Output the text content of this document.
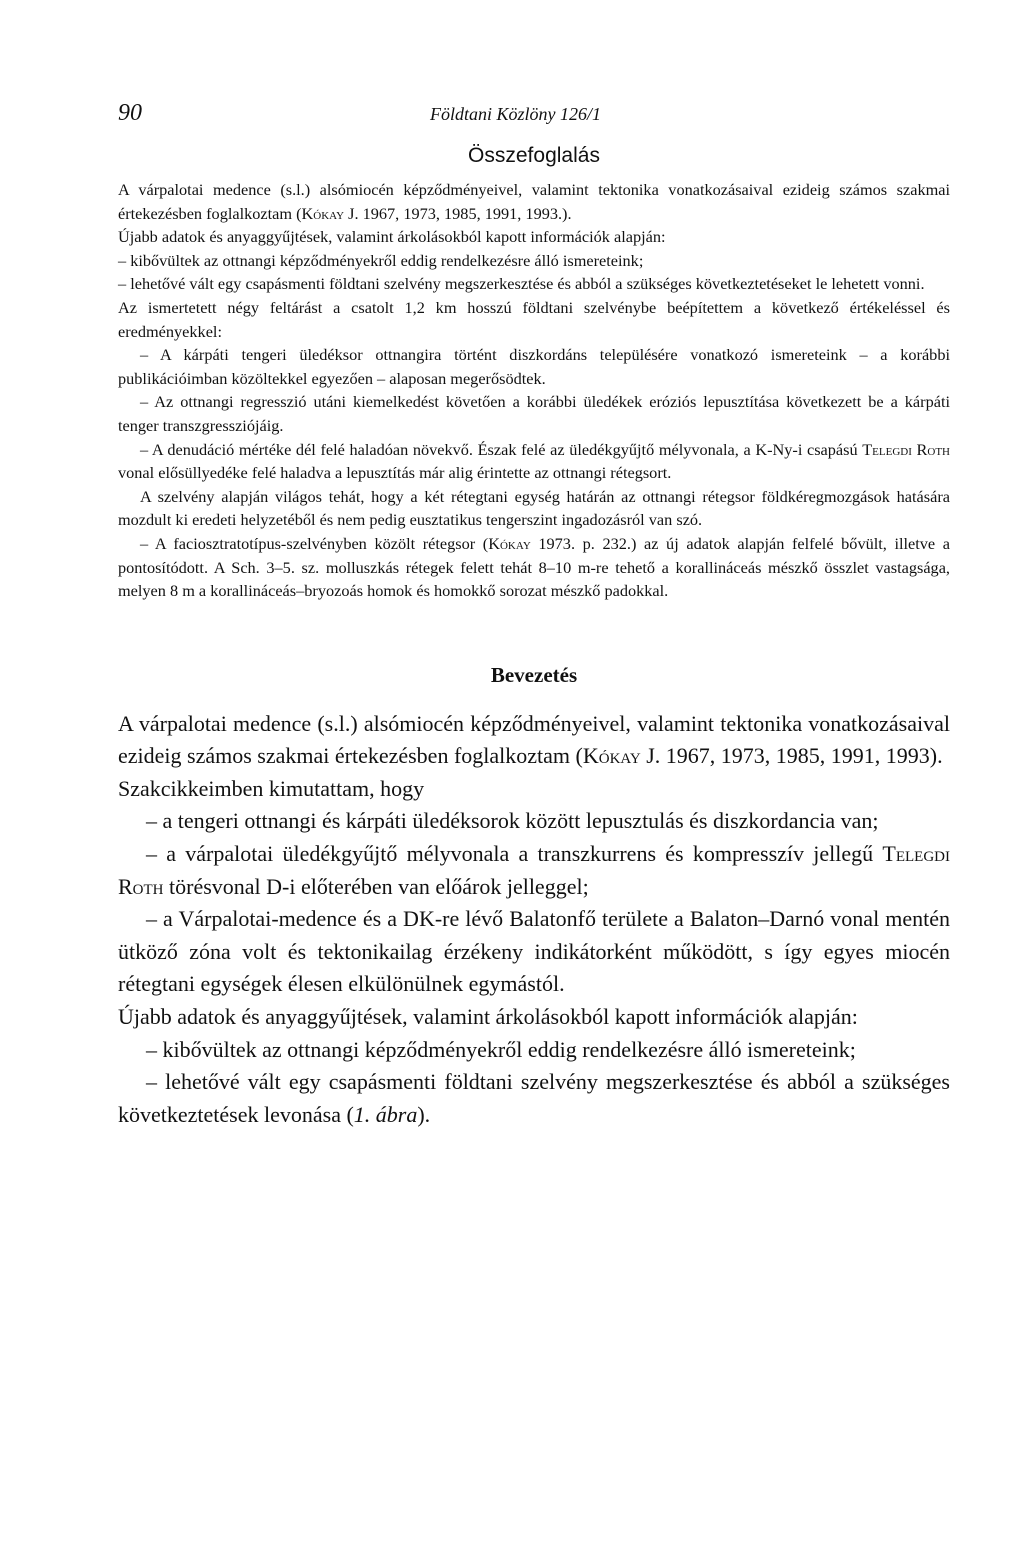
90	Földtani Közlöny 126/1
Összefoglalás

A várpalotai medence (s.l.) alsómiocén képződményeivel, valamint tektonika vonatkozásaival ezideig számos szakmai értekezésben foglalkoztam (Kókay J. 1967, 1973, 1985, 1991, 1993.).

Újabb adatok és anyaggyűjtések, valamint árkolásokból kapott információk alapján:

– kibővültek az ottnangi képződményekről eddig rendelkezésre álló ismereteink;

– lehetővé vált egy csapásmenti földtani szelvény megszerkesztése és abból a szükséges következtetéseket le lehetett vonni.

Az ismertetett négy feltárást a csatolt 1,2 km hosszú földtani szelvénybe beépítettem a következő értékeléssel és eredményekkel:

– A kárpáti tengeri üledéksor ottnangira történt diszkordáns településére vonatkozó ismereteink – a korábbi publikációimban közöltekkel egyezően – alaposan megerősödtek.

– Az ottnangi regresszió utáni kiemelkedést követően a korábbi üledékek eróziós lepusztítása következett be a kárpáti tenger transzgressziójáig.

– A denudáció mértéke dél felé haladóan növekvő. Észak felé az üledékgyűjtő mélyvonala, a K-Ny-i csapású Telegdi Roth vonal elősüllyedéke felé haladva a lepusztítás már alig érintette az ottnangi rétegsort.

A szelvény alapján világos tehát, hogy a két rétegtani egység határán az ottnangi rétegsor földkéregmozgások hatására mozdult ki eredeti helyzetéből és nem pedig eusztatikus tengerszint ingadozásról van szó.

– A faciosztratotípus-szelvényben közölt rétegsor (Kókay 1973. p. 232.) az új adatok alapján felfelé bővült, illetve a pontosítódott. A Sch. 3–5. sz. molluszkás rétegek felett tehát 8–10 m-re tehető a korallináceás mészkő összlet vastagsága, melyen 8 m a korallináceás–bryozoás homok és homokkő sorozat mészkő padokkal.

Bevezetés

A várpalotai medence (s.l.) alsómiocén képződményeivel, valamint tektonika vonatkozásaival ezideig számos szakmai értekezésben foglalkoztam (Kókay J. 1967, 1973, 1985, 1991, 1993).

Szakcikkeimben kimutattam, hogy

– a tengeri ottnangi és kárpáti üledéksorok között lepusztulás és diszkordancia van;

– a várpalotai üledékgyűjtő mélyvonala a transzkurrens és kompresszív jellegű Telegdi Roth törésvonal D-i előterében van előárok jelleggel;

– a Várpalotai-medence és a DK-re lévő Balatonfő területe a Balaton–Darnó vonal mentén ütköző zóna volt és tektonikailag érzékeny indikátorként működött, s így egyes miocén rétegtani egységek élesen elkülönülnek egymástól.

Újabb adatok és anyaggyűjtések, valamint árkolásokból kapott információk alapján:

– kibővültek az ottnangi képződményekről eddig rendelkezésre álló ismereteink;

– lehetővé vált egy csapásmenti földtani szelvény megszerkesztése és abból a szükséges következtetések levonása (1. ábra).
